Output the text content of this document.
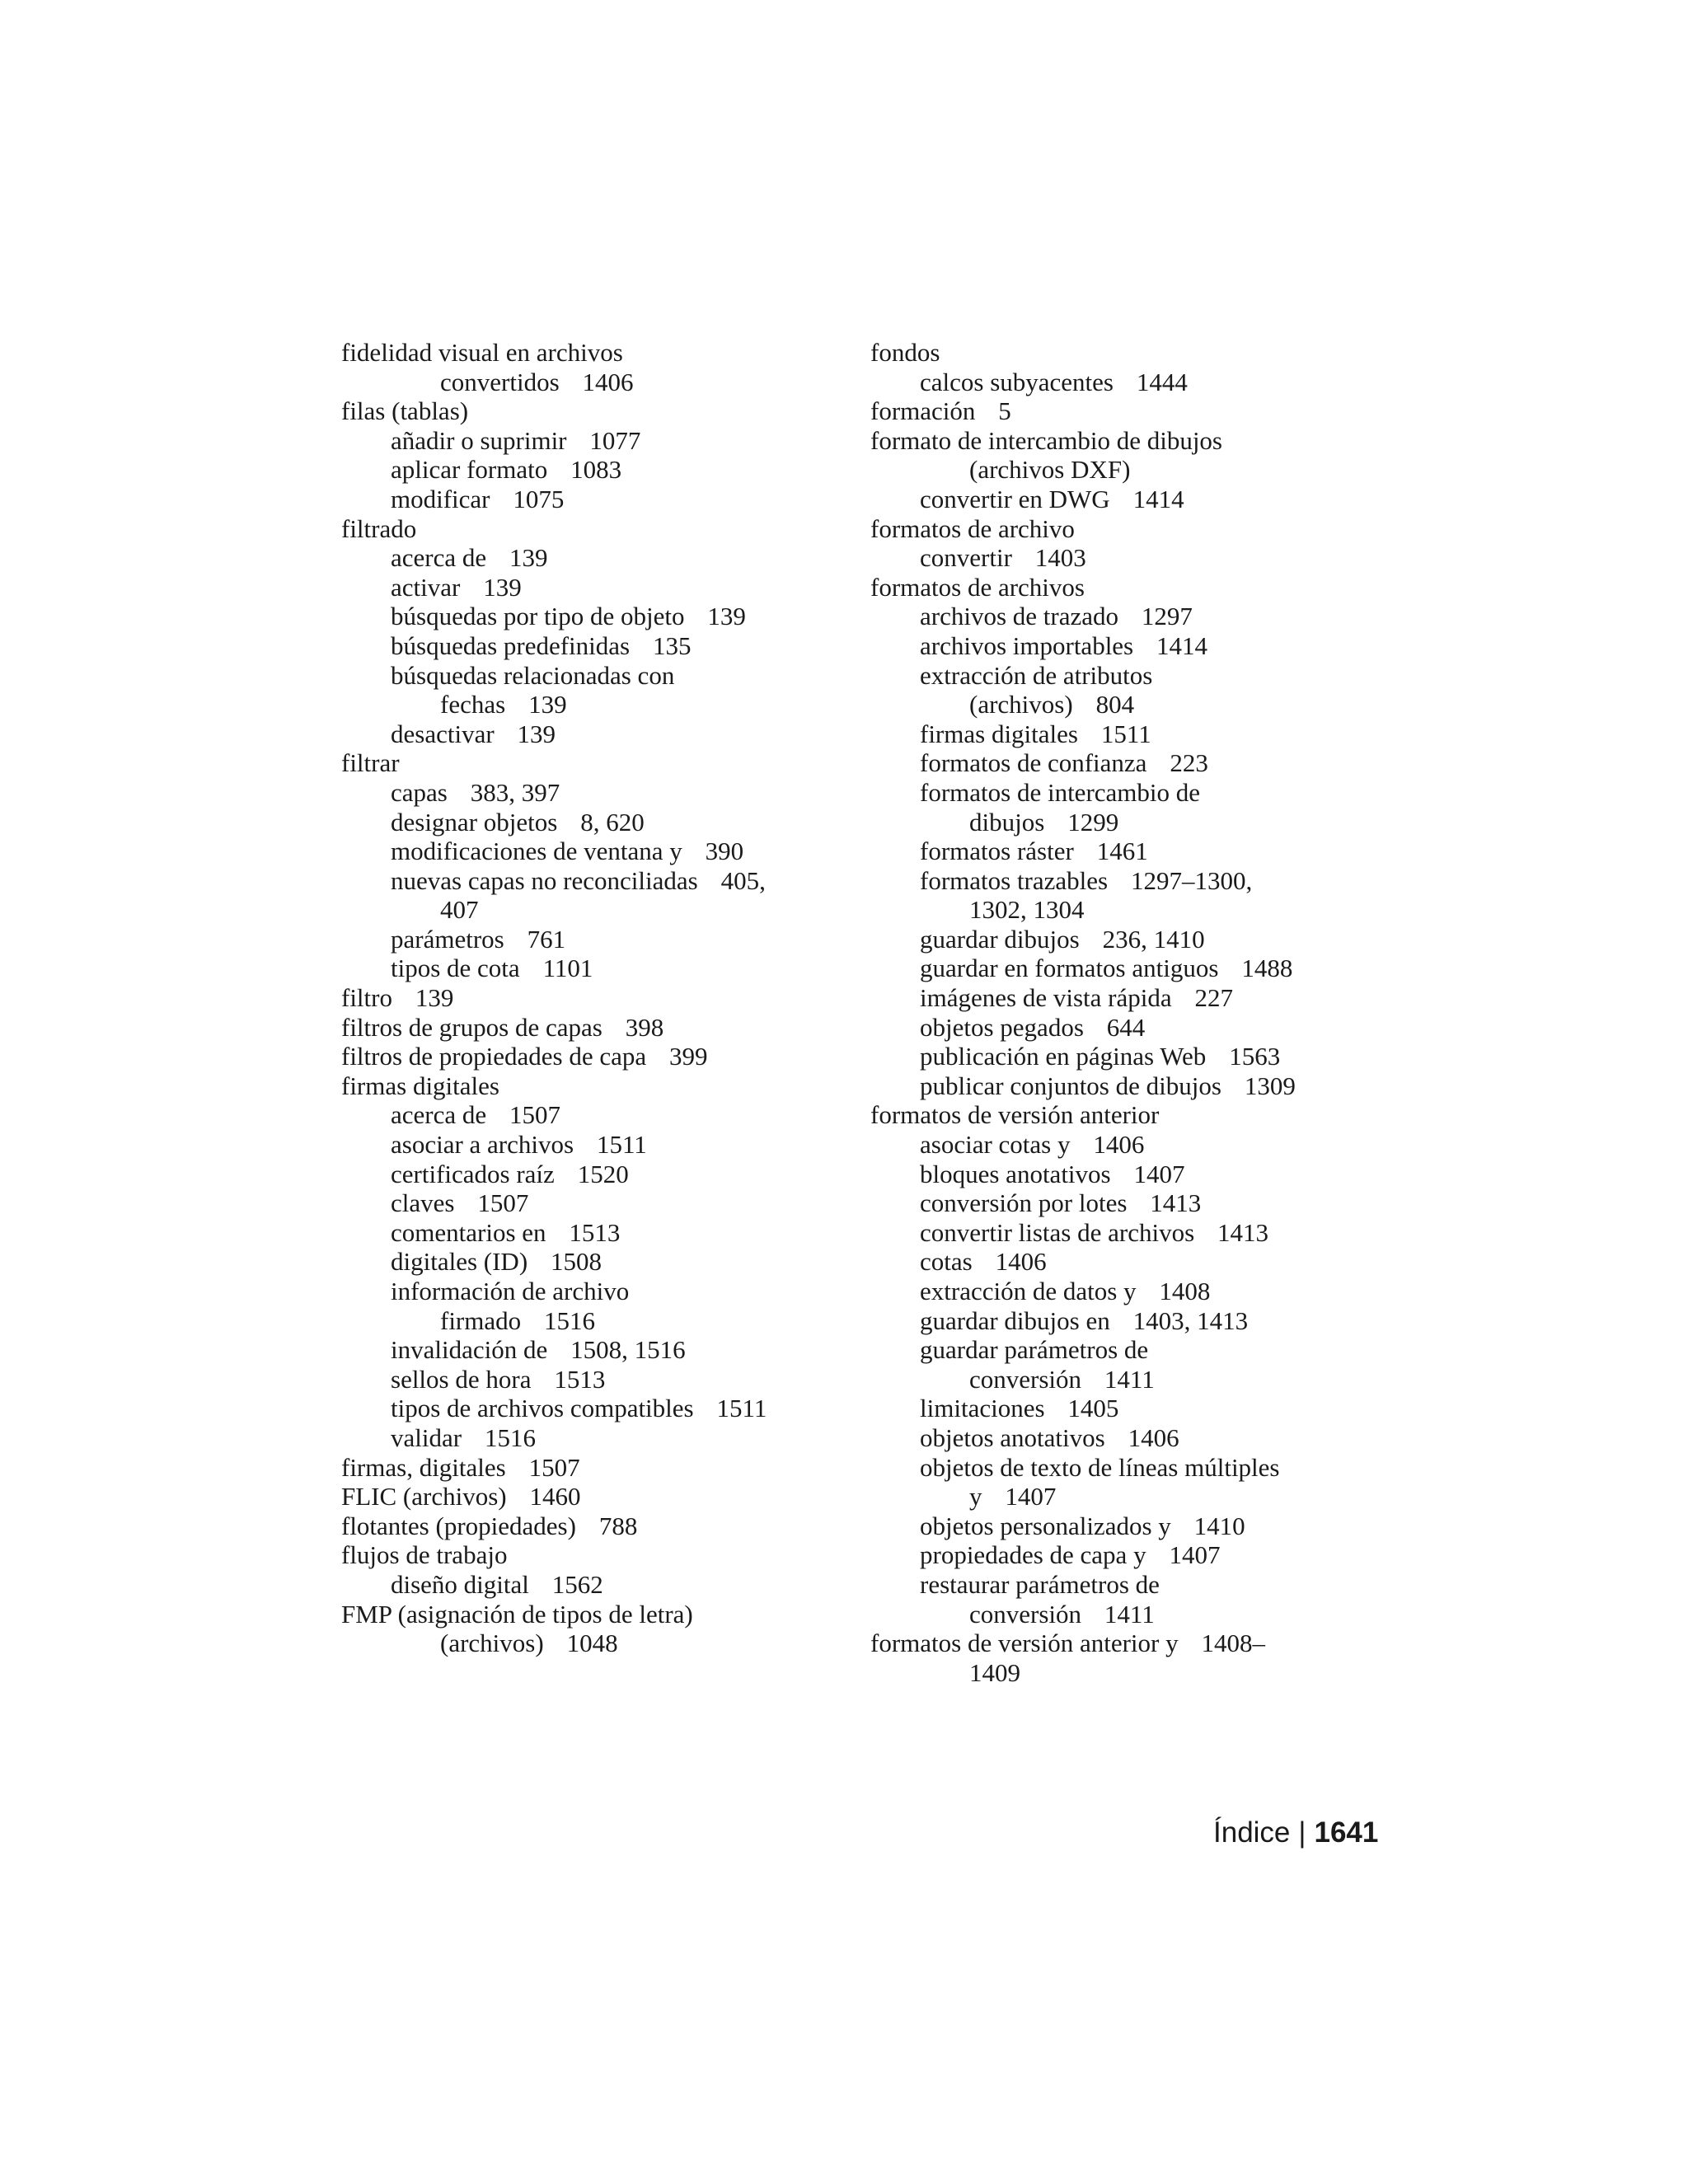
fidelidad visual en archivos
convertidos 1406
filas (tablas)
añadir o suprimir 1077
aplicar formato 1083
modificar 1075
filtrado
acerca de 139
activar 139
búsquedas por tipo de objeto 139
búsquedas predefinidas 135
búsquedas relacionadas con
fechas 139
desactivar 139
filtrar
capas 383, 397
designar objetos 8, 620
modificaciones de ventana y 390
nuevas capas no reconciliadas 405,
407
parámetros 761
tipos de cota 1101
filtro 139
filtros de grupos de capas 398
filtros de propiedades de capa 399
firmas digitales
acerca de 1507
asociar a archivos 1511
certificados raíz 1520
claves 1507
comentarios en 1513
digitales (ID) 1508
información de archivo
firmado 1516
invalidación de 1508, 1516
sellos de hora 1513
tipos de archivos compatibles 1511
validar 1516
firmas, digitales 1507
FLIC (archivos) 1460
flotantes (propiedades) 788
flujos de trabajo
diseño digital 1562
FMP (asignación de tipos de letra)
(archivos) 1048
fondos
calcos subyacentes 1444
formación 5
formato de intercambio de dibujos
(archivos DXF)
convertir en DWG 1414
formatos de archivo
convertir 1403
formatos de archivos
archivos de trazado 1297
archivos importables 1414
extracción de atributos
(archivos) 804
firmas digitales 1511
formatos de confianza 223
formatos de intercambio de
dibujos 1299
formatos ráster 1461
formatos trazables 1297–1300,
1302, 1304
guardar dibujos 236, 1410
guardar en formatos antiguos 1488
imágenes de vista rápida 227
objetos pegados 644
publicación en páginas Web 1563
publicar conjuntos de dibujos 1309
formatos de versión anterior
asociar cotas y 1406
bloques anotativos 1407
conversión por lotes 1413
convertir listas de archivos 1413
cotas 1406
extracción de datos y 1408
guardar dibujos en 1403, 1413
guardar parámetros de
conversión 1411
limitaciones 1405
objetos anotativos 1406
objetos de texto de líneas múltiples
y 1407
objetos personalizados y 1410
propiedades de capa y 1407
restaurar parámetros de
conversión 1411
formatos de versión anterior y 1408–
1409
Índice | 1641
